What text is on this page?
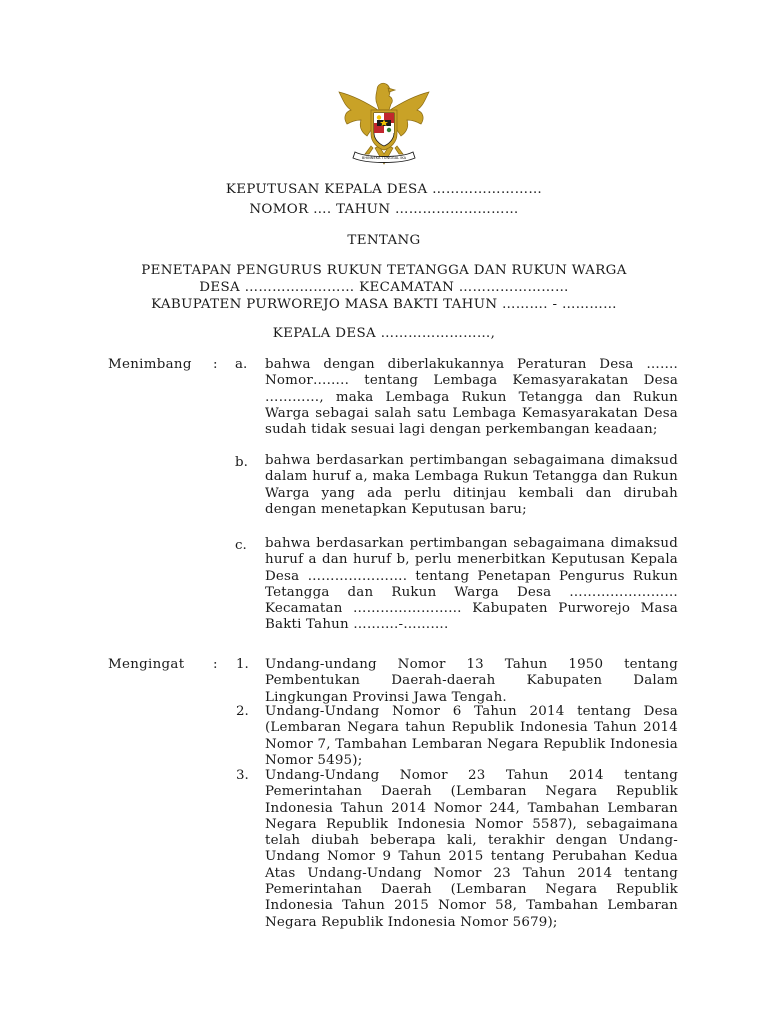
BHINNEKA TUNGGAL IKA
KEPUTUSAN KEPALA DESA ……………………
NOMOR …. TAHUN ………………………
TENTANG
PENETAPAN PENGURUS RUKUN TETANGGA DAN RUKUN WARGA
DESA …………………… KECAMATAN ……………………
KABUPATEN PURWOREJO MASA BAKTI TAHUN ………. - …………
KEPALA DESA ……………………,
Menimbang : a. bahwa dengan diberlakukannya Peraturan Desa ……. Nomor…….. tentang Lembaga Kemasyarakatan Desa …………, maka Lembaga Rukun Tetangga dan Rukun Warga sebagai salah satu Lembaga Kemasyarakatan Desa sudah tidak sesuai lagi dengan perkembangan keadaan;
b. bahwa berdasarkan pertimbangan sebagaimana dimaksud dalam huruf a, maka Lembaga Rukun Tetangga dan Rukun Warga yang ada perlu ditinjau kembali dan dirubah dengan menetapkan Keputusan baru;
c. bahwa berdasarkan pertimbangan sebagaimana dimaksud huruf a dan huruf b, perlu menerbitkan Keputusan Kepala Desa …………………. tentang Penetapan Pengurus Rukun Tetangga dan Rukun Warga Desa …………………… Kecamatan …………………… Kabupaten Purworejo Masa Bakti Tahun ……….-……….
Mengingat : 1. Undang-undang Nomor 13 Tahun 1950 tentang Pembentukan Daerah-daerah Kabupaten Dalam Lingkungan Provinsi Jawa Tengah.
2. Undang-Undang Nomor 6 Tahun 2014 tentang Desa (Lembaran Negara tahun Republik Indonesia Tahun 2014 Nomor 7, Tambahan Lembaran Negara Republik Indonesia Nomor 5495);
3. Undang-Undang Nomor 23 Tahun 2014 tentang Pemerintahan Daerah (Lembaran Negara Republik Indonesia Tahun 2014 Nomor 244, Tambahan Lembaran Negara Republik Indonesia Nomor 5587), sebagaimana telah diubah beberapa kali, terakhir dengan Undang-Undang Nomor 9 Tahun 2015 tentang Perubahan Kedua Atas Undang-Undang Nomor 23 Tahun 2014 tentang Pemerintahan Daerah (Lembaran Negara Republik Indonesia Tahun 2015 Nomor 58, Tambahan Lembaran Negara Republik Indonesia Nomor 5679);
